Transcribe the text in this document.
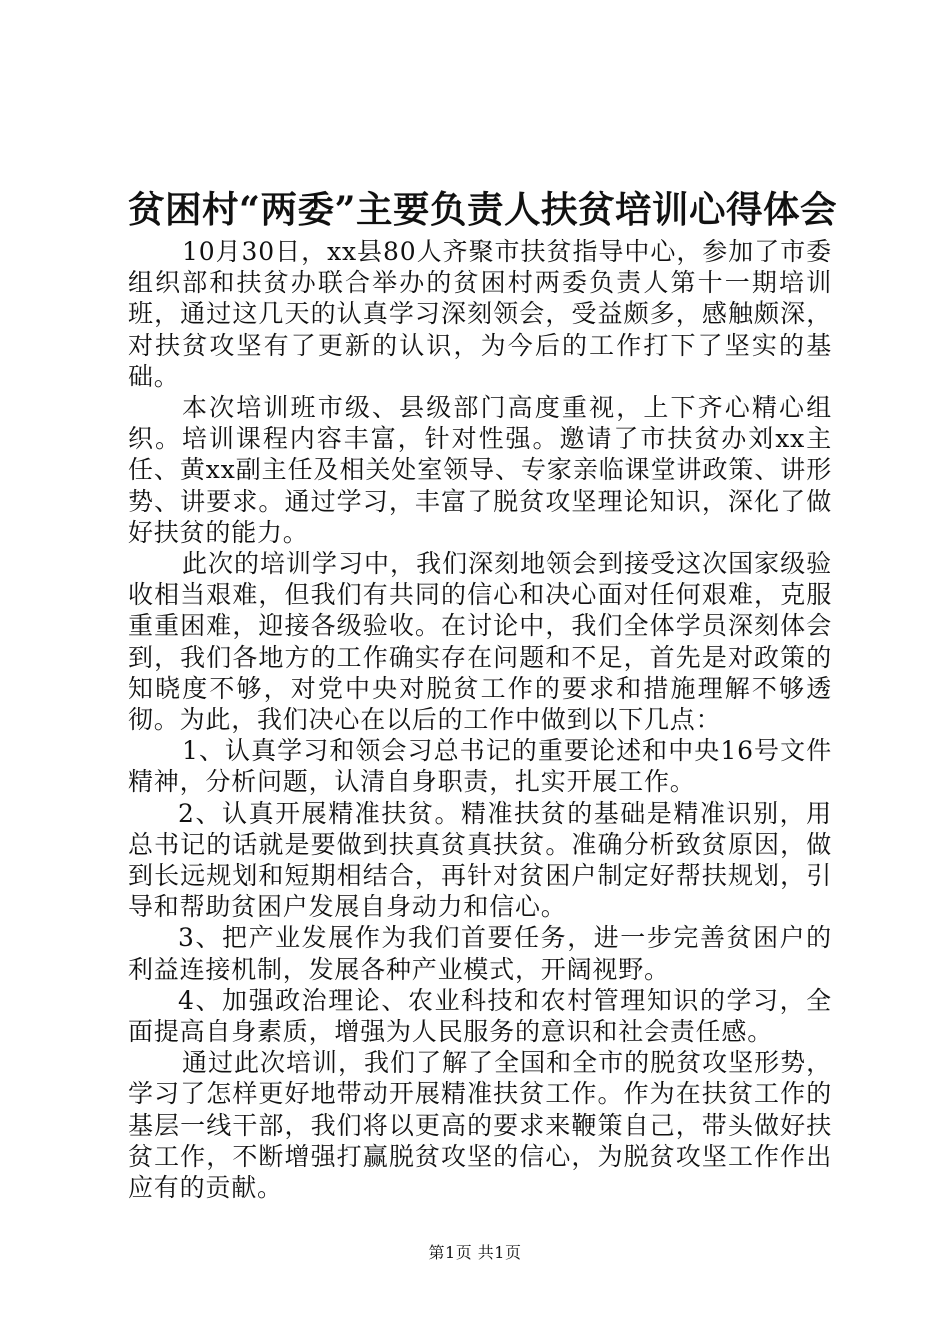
贫困村“两委”主要负责人扶贫培训心得体会

10月30日，xx县80人齐聚市扶贫指导中心，参加了市委组织部和扶贫办联合举办的贫困村两委负责人第十一期培训班，通过这几天的认真学习深刻领会，受益颇多，感触颇深，对扶贫攻坚有了更新的认识，为今后的工作打下了坚实的基础。

本次培训班市级、县级部门高度重视，上下齐心精心组织。培训课程内容丰富，针对性强。邀请了市扶贫办刘xx主任、黄xx副主任及相关处室领导、专家亲临课堂讲政策、讲形势、讲要求。通过学习，丰富了脱贫攻坚理论知识，深化了做好扶贫的能力。

此次的培训学习中，我们深刻地领会到接受这次国家级验收相当艰难，但我们有共同的信心和决心面对任何艰难，克服重重困难，迎接各级验收。在讨论中，我们全体学员深刻体会到，我们各地方的工作确实存在问题和不足，首先是对政策的知晓度不够，对党中央对脱贫工作的要求和措施理解不够透彻。为此，我们决心在以后的工作中做到以下几点：

1、认真学习和领会习总书记的重要论述和中央16号文件精神，分析问题，认清自身职责，扎实开展工作。

2、认真开展精准扶贫。精准扶贫的基础是精准识别，用总书记的话就是要做到扶真贫真扶贫。准确分析致贫原因，做到长远规划和短期相结合，再针对贫困户制定好帮扶规划，引导和帮助贫困户发展自身动力和信心。

3、把产业发展作为我们首要任务，进一步完善贫困户的利益连接机制，发展各种产业模式，开阔视野。

4、加强政治理论、农业科技和农村管理知识的学习，全面提高自身素质，增强为人民服务的意识和社会责任感。

通过此次培训，我们了解了全国和全市的脱贫攻坚形势，学习了怎样更好地带动开展精准扶贫工作。作为在扶贫工作的基层一线干部，我们将以更高的要求来鞭策自己，带头做好扶贫工作，不断增强打赢脱贫攻坚的信心，为脱贫攻坚工作作出应有的贡献。

第1页 共1页
